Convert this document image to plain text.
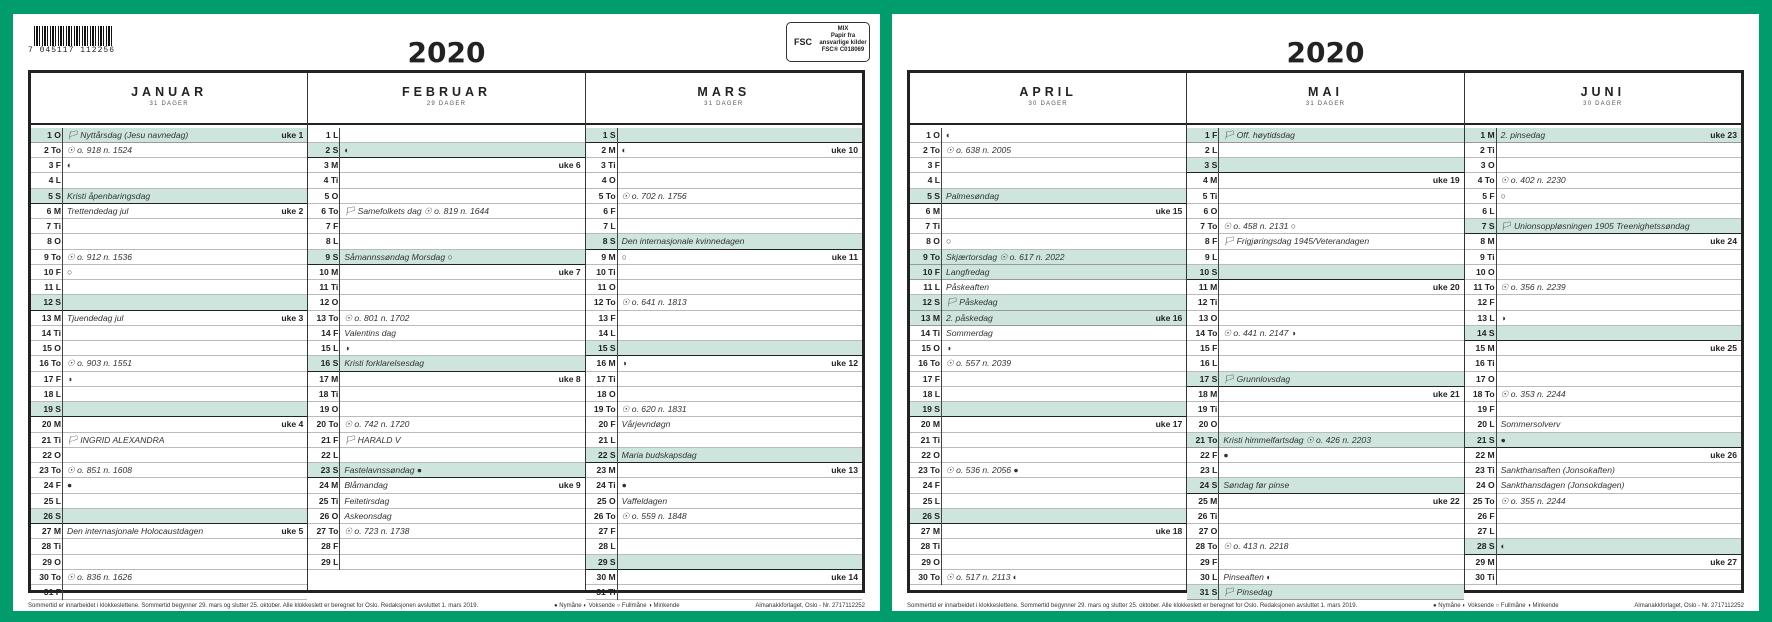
7 045117 112256
FSC
MIX
Papir fra
ansvarlige kilder
FSC® C018069
2020
JANUAR
31 DAGER
1 O 🏳 Nyttårsdag (Jesu navnedag)	uke 1
2 To ☉ o. 918 n. 1524
3 F ◐
4 L
5 S Kristi åpenbaringsdag
6 M Trettendedag jul	uke 2
7 Ti
8 O
9 To ☉ o. 912 n. 1536
10 F ○
11 L
12 S
13 M Tjuendedag jul	uke 3
14 Ti
15 O
16 To ☉ o. 903 n. 1551
17 F ◑
18 L
19 S
20 M	uke 4
21 Ti 🏳 INGRID ALEXANDRA
22 O
23 To ☉ o. 851 n. 1608
24 F ●
25 L
26 S
27 M Den internasjonale Holocaustdagen	uke 5
28 Ti
29 O
30 To ☉ o. 836 n. 1626
31 F
FEBRUAR
29 DAGER
1 L
2 S ◐
3 M	uke 6
4 Ti
5 O
6 To 🏳 Samefolkets dag ☉ o. 819 n. 1644
7 F
8 L
9 S Såmannssøndag Morsdag ○
10 M	uke 7
11 Ti
12 O
13 To ☉ o. 801 n. 1702
14 F Valentins dag
15 L ◑
16 S Kristi forklarelsesdag
17 M	uke 8
18 Ti
19 O
20 To ☉ o. 742 n. 1720
21 F 🏳 HARALD V
22 L
23 S Fastelavnssøndag ●
24 M Blåmandag	uke 9
25 Ti Feitetirsdag
26 O Askeonsdag
27 To ☉ o. 723 n. 1738
28 F
29 L
MARS
31 DAGER
1 S
2 M ◐	uke 10
3 Ti
4 O
5 To ☉ o. 702 n. 1756
6 F
7 L
8 S Den internasjonale kvinnedagen
9 M ○	uke 11
10 Ti
11 O
12 To ☉ o. 641 n. 1813
13 F
14 L
15 S
16 M ◑	uke 12
17 Ti
18 O
19 To ☉ o. 620 n. 1831
20 F Vårjevndøgn
21 L
22 S Maria budskapsdag
23 M	uke 13
24 Ti ●
25 O Vaffeldagen
26 To ☉ o. 559 n. 1848
27 F
28 L
29 S
30 M	uke 14
31 Ti
Sommertid er innarbeidet i klokkeslettene. Sommertid begynner 29. mars og slutter 25. oktober. Alle klokkeslett er beregnet for Oslo. Redaksjonen avsluttet 1. mars 2019.	● Nymåne ◐ Voksende ○ Fullmåne ◑ Minkende	Almanakkforlaget, Oslo - Nr. 2717112252
2020
APRIL
30 DAGER
1 O ◐
2 To ☉ o. 638 n. 2005
3 F
4 L
5 S Palmesøndag
6 M	uke 15
7 Ti
8 O ○
9 To Skjærtorsdag ☉ o. 617 n. 2022
10 F Langfredag
11 L Påskeaften
12 S 🏳 Påskedag
13 M 2. påskedag	uke 16
14 Ti Sommerdag
15 O ◑
16 To ☉ o. 557 n. 2039
17 F
18 L
19 S
20 M	uke 17
21 Ti
22 O
23 To ☉ o. 536 n. 2056 ●
24 F
25 L
26 S
27 M	uke 18
28 Ti
29 O
30 To ☉ o. 517 n. 2113 ◐
MAI
31 DAGER
1 F 🏳 Off. høytidsdag
2 L
3 S
4 M	uke 19
5 Ti
6 O
7 To ☉ o. 458 n. 2131 ○
8 F 🏳 Frigjøringsdag 1945/Veterandagen
9 L
10 S
11 M	uke 20
12 Ti
13 O
14 To ☉ o. 441 n. 2147 ◑
15 F
16 L
17 S 🏳 Grunnlovsdag
18 M	uke 21
19 Ti
20 O
21 To Kristi himmelfartsdag ☉ o. 426 n. 2203
22 F ●
23 L
24 S Søndag før pinse
25 M	uke 22
26 Ti
27 O
28 To ☉ o. 413 n. 2218
29 F
30 L Pinseaften ◐
31 S 🏳 Pinsedag
JUNI
30 DAGER
1 M 2. pinsedag	uke 23
2 Ti
3 O
4 To ☉ o. 402 n. 2230
5 F ○
6 L
7 S 🏳 Unionsoppløsningen 1905 Treenighetssøndag
8 M	uke 24
9 Ti
10 O
11 To ☉ o. 356 n. 2239
12 F
13 L ◑
14 S
15 M	uke 25
16 Ti
17 O
18 To ☉ o. 353 n. 2244
19 F
20 L Sommersolverv
21 S ●
22 M	uke 26
23 Ti Sankthansaften (Jonsokaften)
24 O Sankthansdagen (Jonsokdagen)
25 To ☉ o. 355 n. 2244
26 F
27 L
28 S ◐
29 M	uke 27
30 Ti
Sommertid er innarbeidet i klokkeslettene. Sommertid begynner 29. mars og slutter 25. oktober. Alle klokkeslett er beregnet for Oslo. Redaksjonen avsluttet 1. mars 2019.	● Nymåne ◐ Voksende ○ Fullmåne ◑ Minkende	Almanakkforlaget, Oslo - Nr. 2717112252
